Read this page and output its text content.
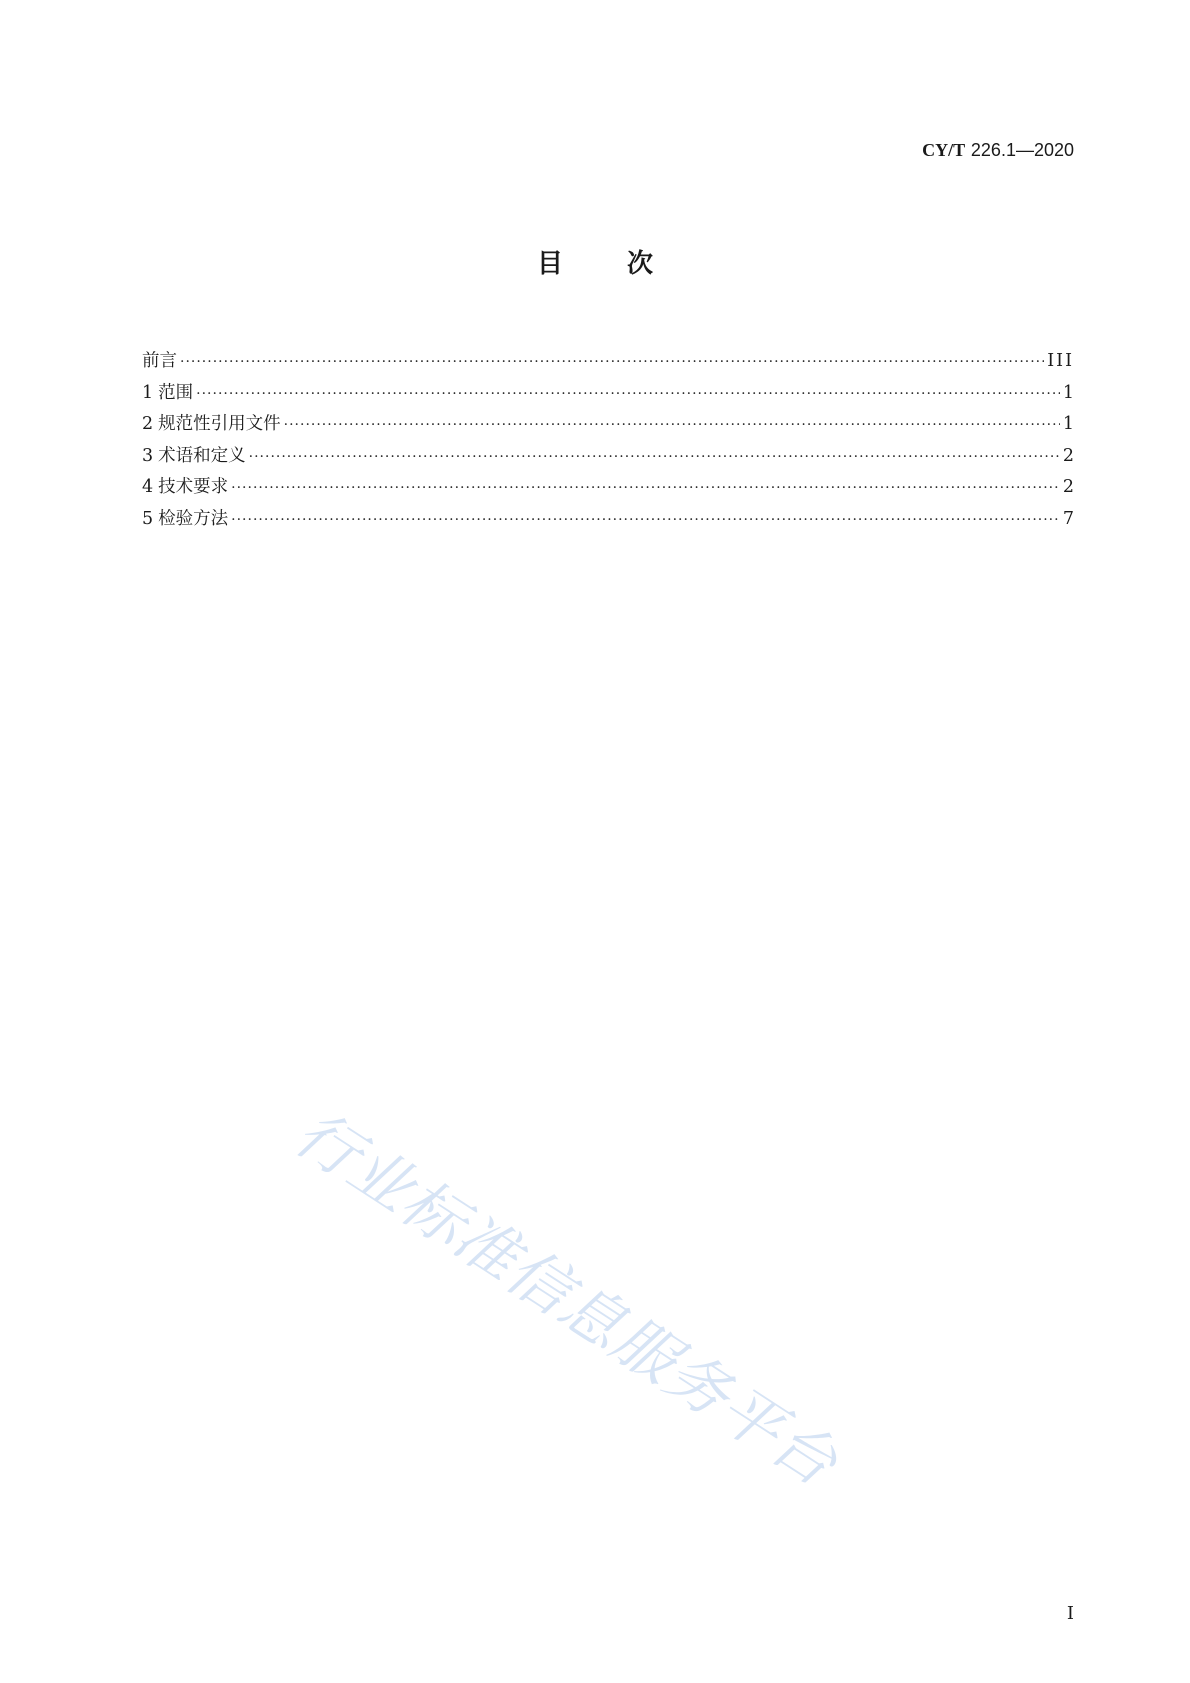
CY/T 226.1—2020
目 次
前言 ·····	III
1 范围 ·····	1
2 规范性引用文件 ·····	1
3 术语和定义 ·····	2
4 技术要求 ·····	2
5 检验方法 ·····	7
行业标准信息服务平台
I
